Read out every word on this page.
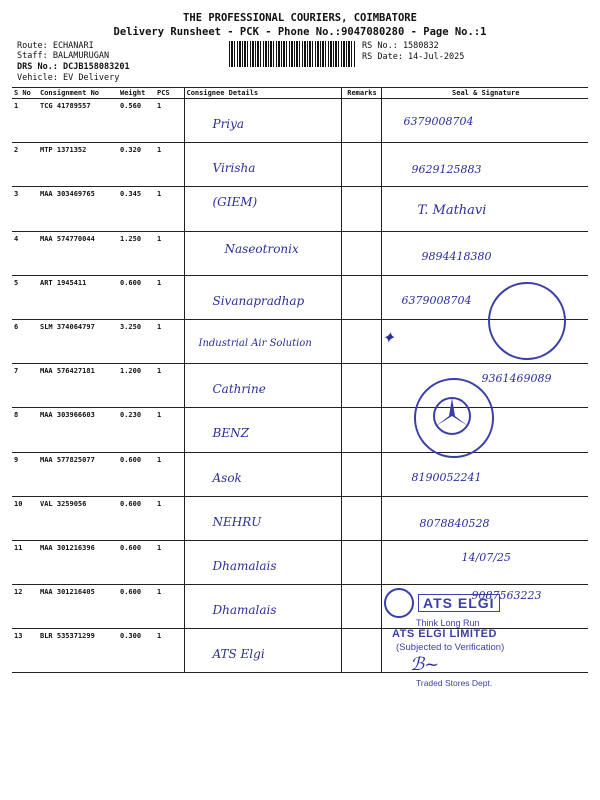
THE PROFESSIONAL COURIERS, COIMBATORE
Delivery Runsheet - PCK - Phone No.:9047080280 - Page No.:1
Route: ECHANARI
Staff: BALAMURUGAN
DRS No.: DCJB158083201
Vehicle: EV Delivery
RS No.: 1580832
RS Date: 14-Jul-2025
S No	Consignment No	Weight	PCS	Consignee Details	Remarks	Seal & Signature
1	TCG 41789557	0.560	1	Priya		6379008704

2	MTP 1371352	0.320	1	Virisha		9629125883

3	MAA 303469765	0.345	1	(GIEM)		T. Mathavi

4	MAA 574770044	1.250	1	Naseotronix		9894418380

5	ART 1945411	0.600	1	Sivanapradhap		6379008704

6	SLM 374064797	3.250	1	Industrial Air Solution		✦

7	MAA 576427181	1.200	1	Cathrine		9361469089

8	MAA 303966603	0.230	1	BENZ		

9	MAA 577825077	0.600	1	Asok		8190052241

10	VAL 3259056	0.600	1	NEHRU		8078840528

11	MAA 301216396	0.600	1	Dhamalais		14/07/25

12	MAA 301216405	0.600	1	Dhamalais		9087563223

13	BLR 535371299	0.300	1	ATS Elgi		

ATS ELGI
Think Long Run
ATS ELGI LIMITED
(Subjected to Verification)
ℬ~
Traded Stores Dept.
